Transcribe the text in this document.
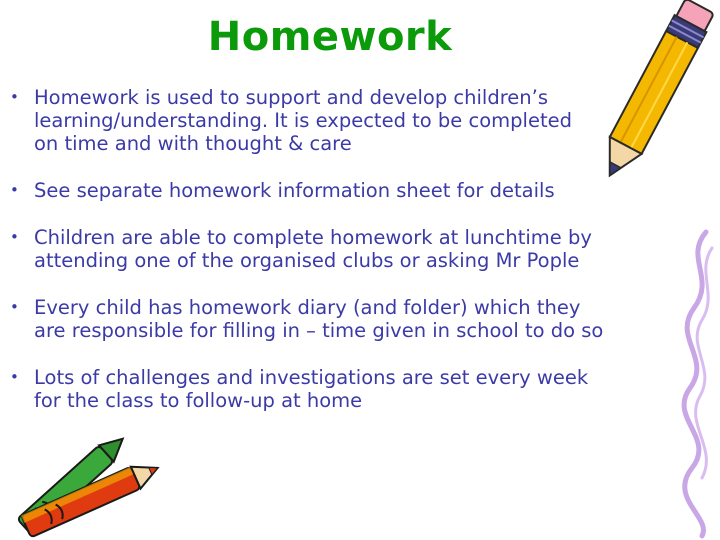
Homework
• Homework is used to support and develop children’s
learning/understanding. It is expected to be completed
on time and with thought & care
• See separate homework information sheet for details
• Children are able to complete homework at lunchtime by
attending one of the organised clubs or asking Mr Pople
• Every child has homework diary (and folder) which they
are responsible for filling in – time given in school to do so
• Lots of challenges and investigations are set every week
for the class to follow-up at home
